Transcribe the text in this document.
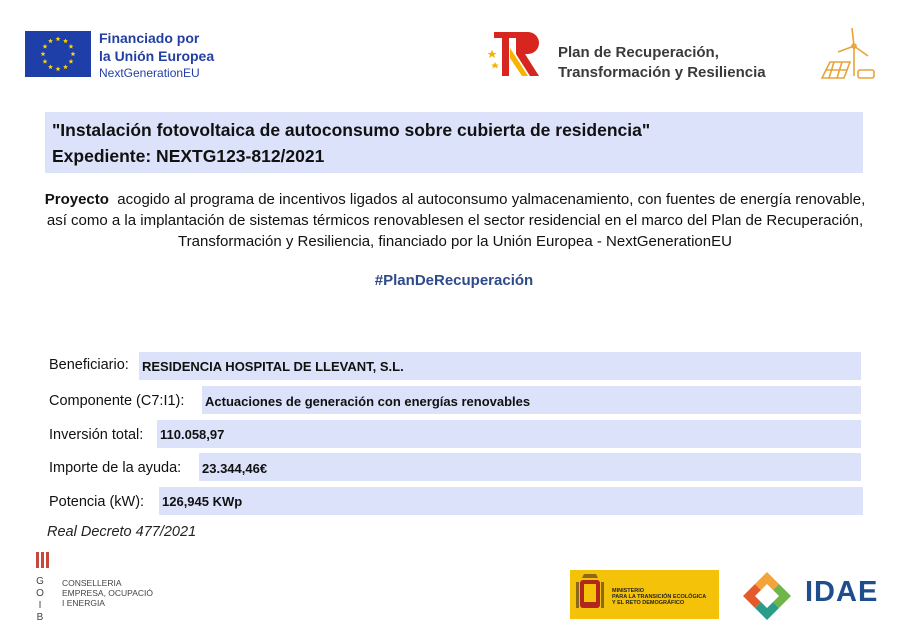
Financiado por
la Unión Europea
NextGenerationEU
Plan de Recuperación,
Transformación y Resiliencia
"Instalación fotovoltaica de autoconsumo sobre cubierta de residencia"
Expediente: NEXTG123-812/2021
Proyecto acogido al programa de incentivos ligados al autoconsumo yalmacenamiento, con fuentes de energía renovable, así como a la implantación de sistemas térmicos renovablesen el sector residencial en el marco del Plan de Recuperación, Transformación y Resiliencia, financiado por la Unión Europea - NextGenerationEU
#PlanDeRecuperación
Beneficiario: RESIDENCIA HOSPITAL DE LLEVANT, S.L.
Componente (C7:I1): Actuaciones de generación con energías renovables
Inversión total: 110.058,97
Importe de la ayuda: 23.344,46€
Potencia (kW): 126,945 KWp
Real Decreto 477/2021
G
O
I
B
CONSELLERIA
EMPRESA, OCUPACIÓ
I ENERGIA
MINISTERIO
PARA LA TRANSICIÓN ECOLÓGICA
Y EL RETO DEMOGRÁFICO	IDAE
